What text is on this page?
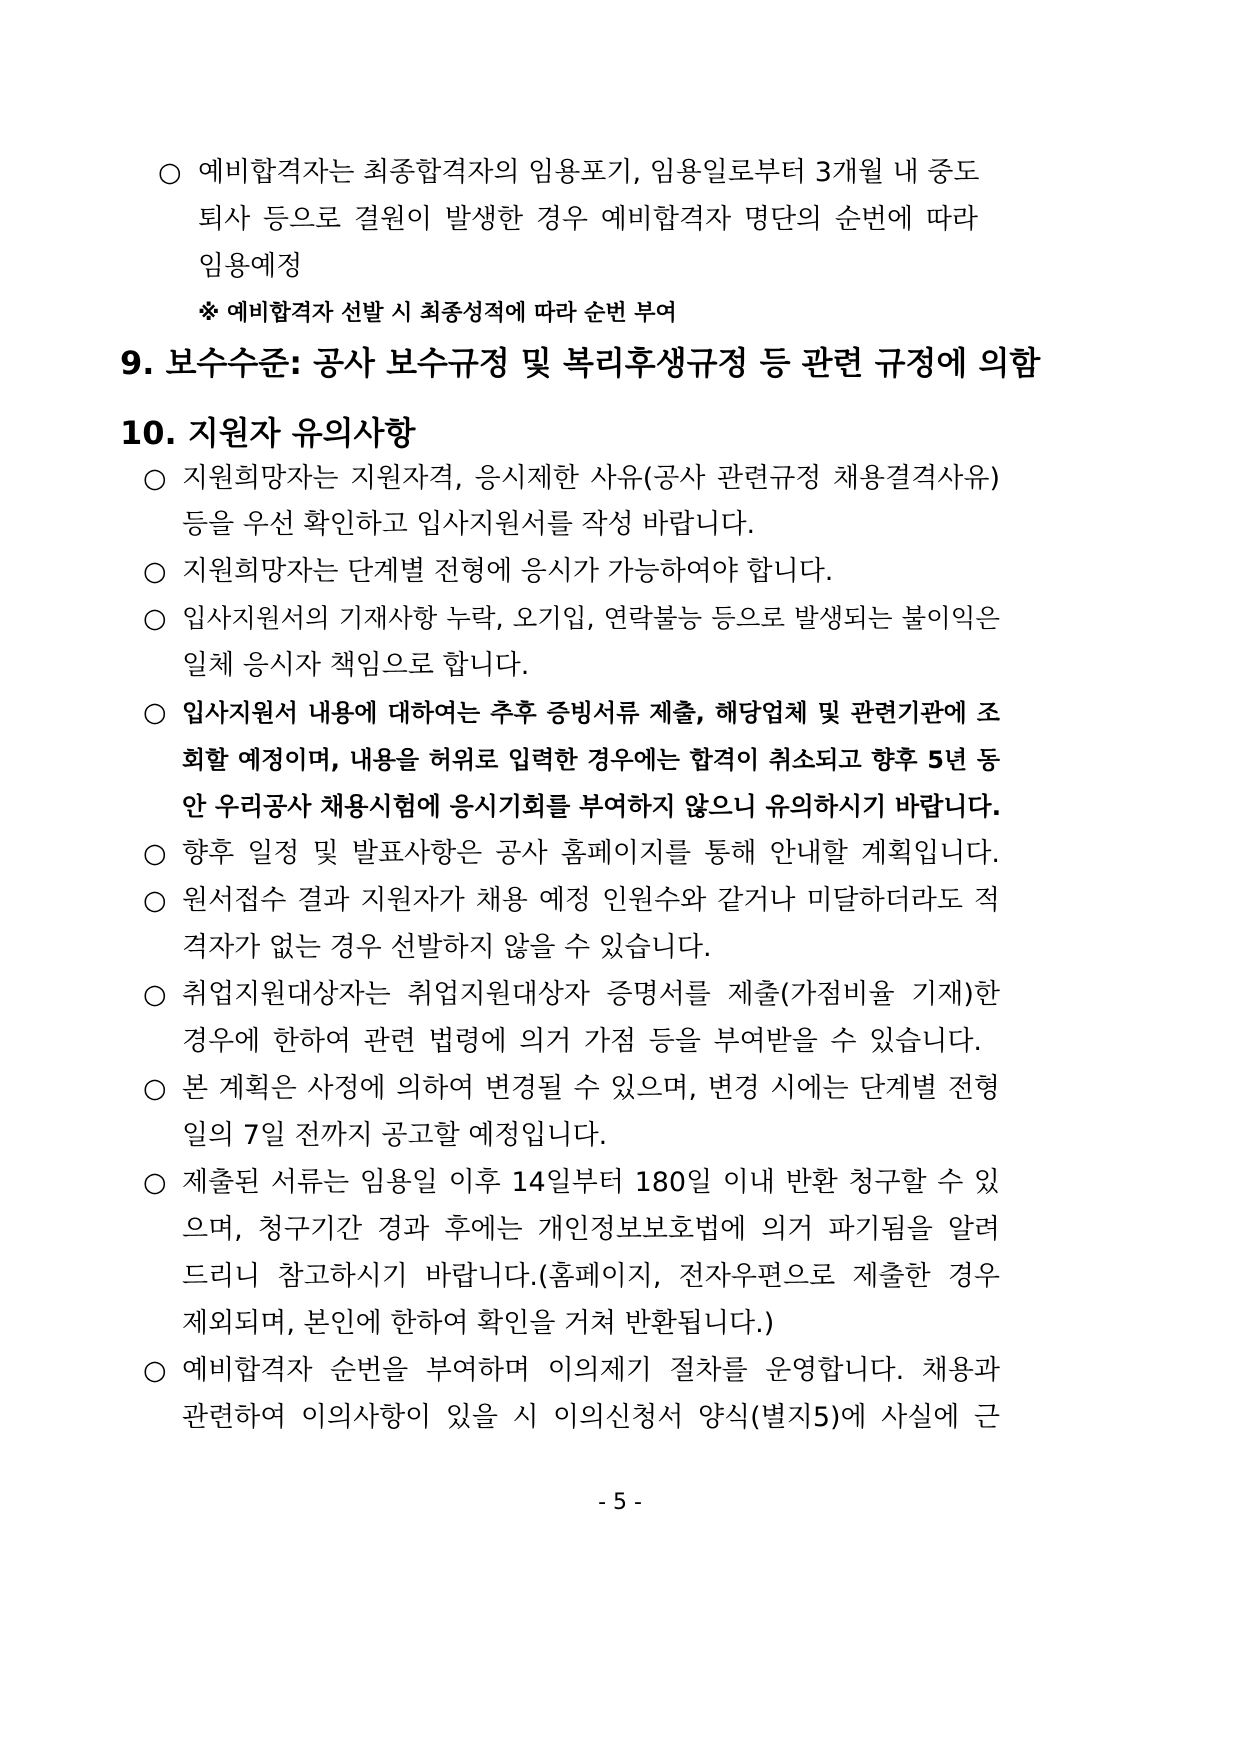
○ 예비합격자는 최종합격자의 임용포기, 임용일로부터 3개월 내 중도
퇴사 등으로 결원이 발생한 경우 예비합격자 명단의 순번에 따라
임용예정
※ 예비합격자 선발 시 최종성적에 따라 순번 부여
9. 보수수준: 공사 보수규정 및 복리후생규정 등 관련 규정에 의함
10. 지원자 유의사항
○ 지원희망자는 지원자격, 응시제한 사유(공사 관련규정 채용결격사유)
등을 우선 확인하고 입사지원서를 작성 바랍니다.
○ 지원희망자는 단계별 전형에 응시가 가능하여야 합니다.
○ 입사지원서의 기재사항 누락, 오기입, 연락불능 등으로 발생되는 불이익은
일체 응시자 책임으로 합니다.
○ 입사지원서 내용에 대하여는 추후 증빙서류 제출, 해당업체 및 관련기관에 조
회할 예정이며, 내용을 허위로 입력한 경우에는 합격이 취소되고 향후 5년 동
안 우리공사 채용시험에 응시기회를 부여하지 않으니 유의하시기 바랍니다.
○ 향후 일정 및 발표사항은 공사 홈페이지를 통해 안내할 계획입니다.
○ 원서접수 결과 지원자가 채용 예정 인원수와 같거나 미달하더라도 적
격자가 없는 경우 선발하지 않을 수 있습니다.
○ 취업지원대상자는 취업지원대상자 증명서를 제출(가점비율 기재)한
경우에 한하여 관련 법령에 의거 가점 등을 부여받을 수 있습니다.
○ 본 계획은 사정에 의하여 변경될 수 있으며, 변경 시에는 단계별 전형
일의 7일 전까지 공고할 예정입니다.
○ 제출된 서류는 임용일 이후 14일부터 180일 이내 반환 청구할 수 있
으며, 청구기간 경과 후에는 개인정보보호법에 의거 파기됨을 알려
드리니 참고하시기 바랍니다.(홈페이지, 전자우편으로 제출한 경우
제외되며, 본인에 한하여 확인을 거쳐 반환됩니다.)
○ 예비합격자 순번을 부여하며 이의제기 절차를 운영합니다. 채용과
관련하여 이의사항이 있을 시 이의신청서 양식(별지5)에 사실에 근
- 5 -
